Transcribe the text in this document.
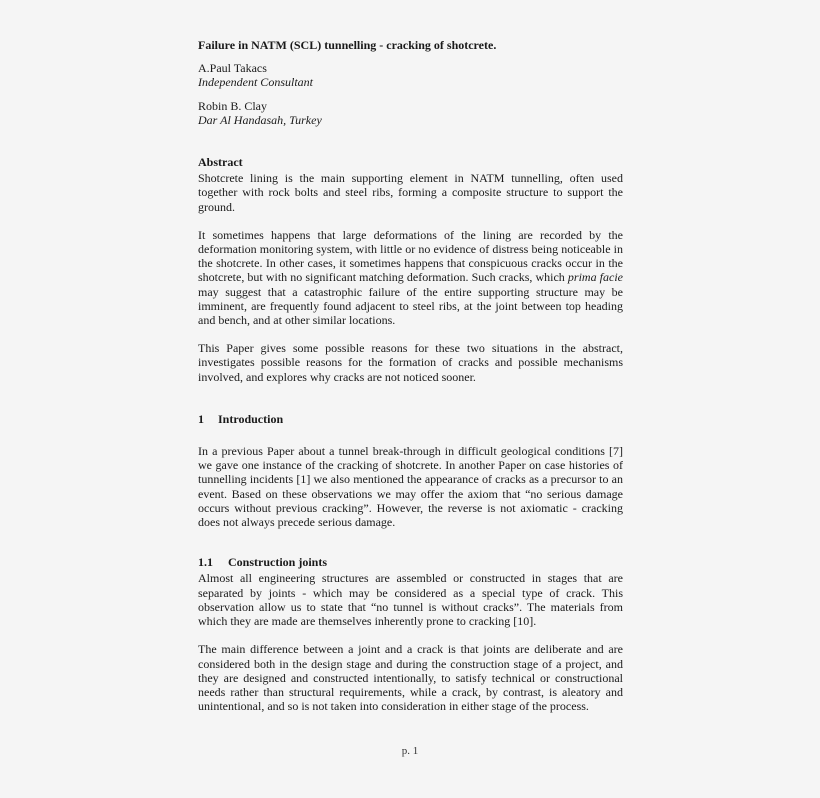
Failure in NATM (SCL) tunnelling - cracking of shotcrete.
A.Paul Takacs
Independent Consultant
Robin B. Clay
Dar Al Handasah, Turkey
Abstract

Shotcrete lining is the main supporting element in NATM tunnelling, often used together with rock bolts and steel ribs, forming a composite structure to support the ground.

It sometimes happens that large deformations of the lining are recorded by the deformation monitoring system, with little or no evidence of distress being noticeable in the shotcrete. In other cases, it sometimes happens that conspicuous cracks occur in the shotcrete, but with no significant matching deformation. Such cracks, which prima facie may suggest that a catastrophic failure of the entire supporting structure may be imminent, are frequently found adjacent to steel ribs, at the joint between top heading and bench, and at other similar locations.

This Paper gives some possible reasons for these two situations in the abstract, investigates possible reasons for the formation of cracks and possible mechanisms involved, and explores why cracks are not noticed sooner.

1 Introduction

In a previous Paper about a tunnel break-through in difficult geological conditions [7] we gave one instance of the cracking of shotcrete. In another Paper on case histories of tunnelling incidents [1] we also mentioned the appearance of cracks as a precursor to an event. Based on these observations we may offer the axiom that “no serious damage occurs without previous cracking”. However, the reverse is not axiomatic - cracking does not always precede serious damage.

1.1 Construction joints

Almost all engineering structures are assembled or constructed in stages that are separated by joints - which may be considered as a special type of crack. This observation allow us to state that “no tunnel is without cracks”. The materials from which they are made are themselves inherently prone to cracking [10].

The main difference between a joint and a crack is that joints are deliberate and are considered both in the design stage and during the construction stage of a project, and they are designed and constructed intentionally, to satisfy technical or constructional needs rather than structural requirements, while a crack, by contrast, is aleatory and unintentional, and so is not taken into consideration in either stage of the process.

p. 1
